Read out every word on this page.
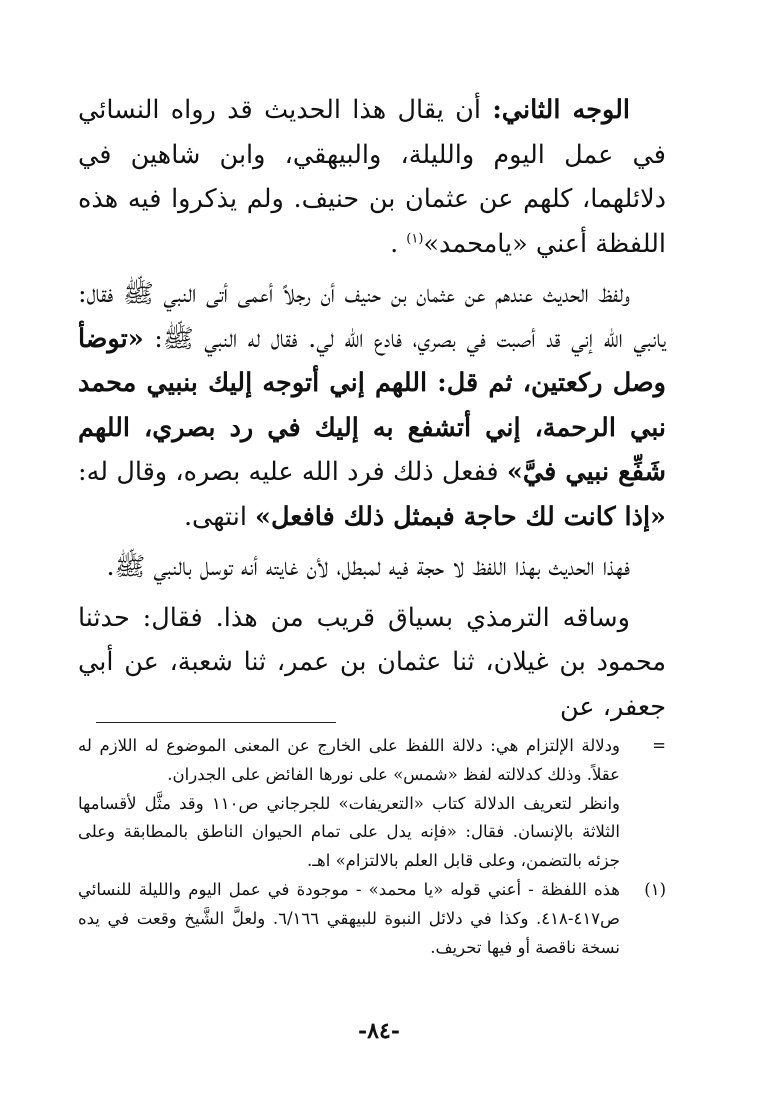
الوجه الثاني: أن يقال هذا الحديث قد رواه النسائي في عمل اليوم والليلة، والبيهقي، وابن شاهين في دلائلهما، كلهم عن عثمان بن حنيف. ولم يذكروا فيه هذه اللفظة أعني «يامحمد»$^{(١)}$ .

ولفظ الحديث عندهم عن عثمان بن حنيف أن رجلاً أعمى أتى النبي ﷺ فقال: يانبي الله إني قد أصبت في بصري، فادع الله لي. فقال له النبي ﷺ: «توضأ وصل ركعتين، ثم قل: اللهم إني أتوجه إليك بنبيي محمد نبي الرحمة، إني أتشفع به إليك في رد بصري، اللهم شَفِّع نبيي فيَّ» ففعل ذلك فرد الله عليه بصره، وقال له: «إذا كانت لك حاجة فبمثل ذلك فافعل» انتهى.

فهذا الحديث بهذا اللفظ لا حجة فيه لمبطل، لأن غايته أنه توسل بالنبي ﷺ.

وساقه الترمذي بسياق قريب من هذا. فقال: حدثنا محمود بن غيلان، ثنا عثمان بن عمر، ثنا شعبة، عن أبي جعفر، عن

=

ودلالة الإلتزام هي: دلالة اللفظ على الخارج عن المعنى الموضوع له اللازم له عقلاً. وذلك كدلالته لفظ «شمس» على نورها الفائض على الجدران.

وانظر لتعريف الدلالة كتاب «التعريفات» للجرجاني ص١١٠ وقد مثَّل لأقسامها الثلاثة بالإنسان. فقال: «فإنه يدل على تمام الحيوان الناطق بالمطابقة وعلى جزئه بالتضمن، وعلى قابل العلم بالالتزام» اهـ.

(١)

هذه اللفظة - أعني قوله «يا محمد» - موجودة في عمل اليوم والليلة للنسائي ص٤١٧-٤١٨. وكذا في دلائل النبوة للبيهقي ٦/١٦٦. ولعلَّ الشَّيخ وقعت في يده نسخة ناقصة أو فيها تحريف.

-٨٤-
